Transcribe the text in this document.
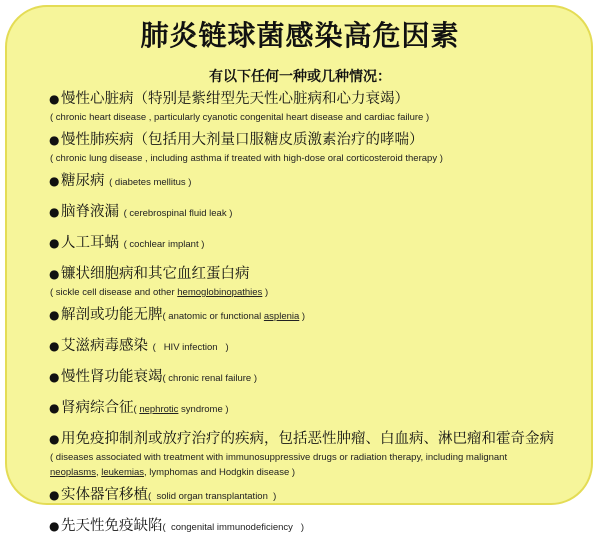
肺炎链球菌感染高危因素
有以下任何一种或几种情况：
● 慢性心脏病（特别是紫绀型先天性心脏病和心力衰竭）
( chronic heart disease , particularly cyanotic congenital heart disease and cardiac failure )
● 慢性肺疾病（包括用大剂量口服糖皮质激素治疗的哮喘）
( chronic lung disease , including asthma if treated with high-dose oral corticosteroid therapy )
● 糖尿病 ( diabetes mellitus )
● 脑脊液漏 ( cerebrospinal fluid leak )
● 人工耳蜗 ( cochlear implant )
● 镰状细胞病和其它血红蛋白病
( sickle cell disease and other hemoglobinopathies )
● 解剖或功能无脾( anatomic or functional asplenia )
● 艾滋病毒感染 (   HIV infection   )
● 慢性肾功能衰竭( chronic renal failure )
● 肾病综合征( nephrotic syndrome )
● 用免疫抑制剂或放疗治疗的疾病，包括恶性肿瘤、白血病、淋巴瘤和霍奇金病
( diseases associated with treatment with immunosuppressive drugs or radiation therapy, including malignant
neoplasms, leukemias, lymphomas and Hodgkin disease )
● 实体器官移植(  solid organ transplantation  )
● 先天性免疫缺陷(  congenital immunodeficiency   )
